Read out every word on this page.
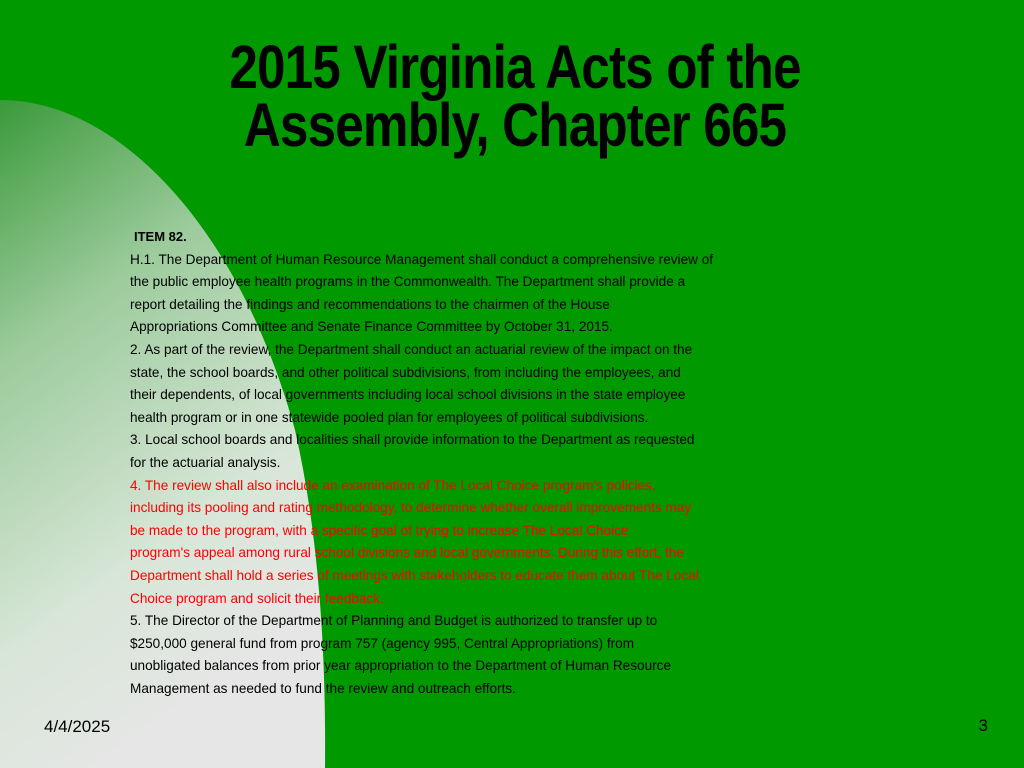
2015 Virginia Acts of the
Assembly, Chapter 665
ITEM 82.
H.1. The Department of Human Resource Management shall conduct a comprehensive review of
the public employee health programs in the Commonwealth. The Department shall provide a
report detailing the findings and recommendations to the chairmen of the House
Appropriations Committee and Senate Finance Committee by October 31, 2015.
2. As part of the review, the Department shall conduct an actuarial review of the impact on the
state, the school boards, and other political subdivisions, from including the employees, and
their dependents, of local governments including local school divisions in the state employee
health program or in one statewide pooled plan for employees of political subdivisions.
3. Local school boards and localities shall provide information to the Department as requested
for the actuarial analysis.
4. The review shall also include an examination of The Local Choice program's policies,
including its pooling and rating methodology, to determine whether overall improvements may
be made to the program, with a specific goal of trying to increase The Local Choice
program's appeal among rural school divisions and local governments. During this effort, the
Department shall hold a series of meetings with stakeholders to educate them about The Local
Choice program and solicit their feedback.
5. The Director of the Department of Planning and Budget is authorized to transfer up to
$250,000 general fund from program 757 (agency 995, Central Appropriations) from
unobligated balances from prior year appropriation to the Department of Human Resource
Management as needed to fund the review and outreach efforts.
4/4/2025	3
